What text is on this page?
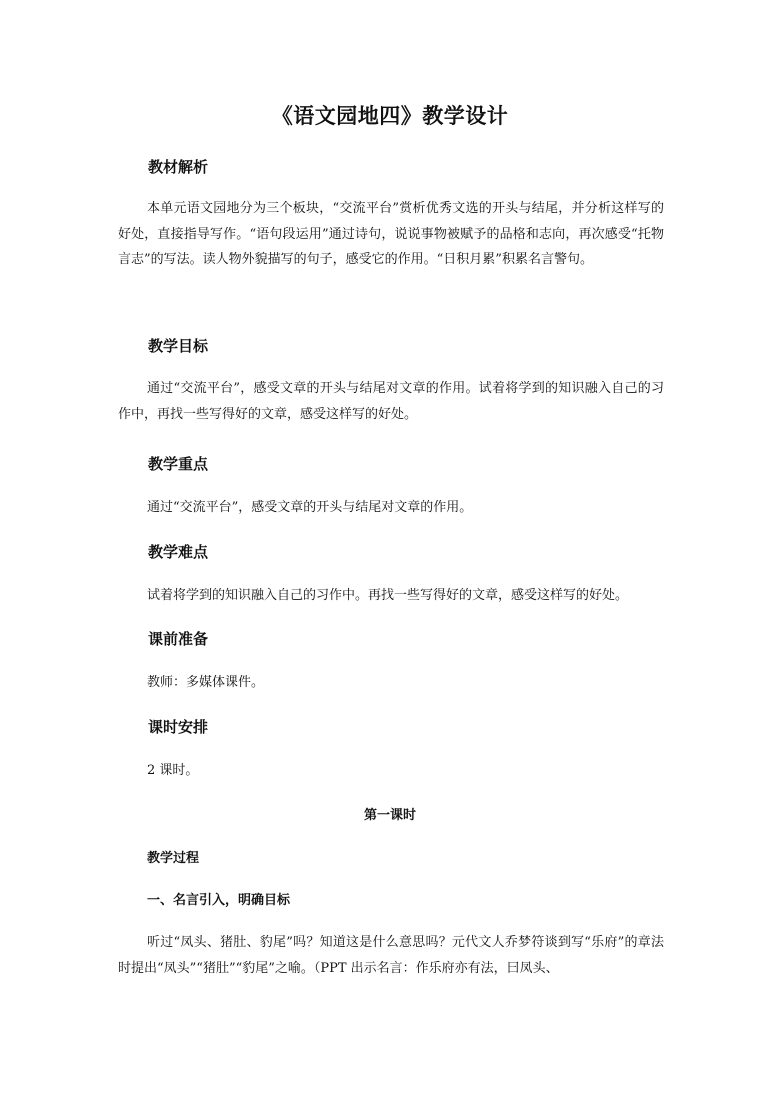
《语文园地四》教学设计
教材解析

本单元语文园地分为三个板块，“交流平台”赏析优秀文选的开头与结尾，并分析这样写的好处，直接指导写作。“语句段运用”通过诗句，说说事物被赋予的品格和志向，再次感受“托物言志”的写法。读人物外貌描写的句子，感受它的作用。“日积月累”积累名言警句。

教学目标

通过“交流平台”，感受文章的开头与结尾对文章的作用。试着将学到的知识融入自己的习作中，再找一些写得好的文章，感受这样写的好处。

教学重点
通过“交流平台”，感受文章的开头与结尾对文章的作用。
教学难点
试着将学到的知识融入自己的习作中。再找一些写得好的文章，感受这样写的好处。
课前准备
教师：多媒体课件。
课时安排
2 课时。
第一课时
教学过程
一、名言引入，明确目标

听过“凤头、猪肚、豹尾”吗？知道这是什么意思吗？元代文人乔梦符谈到写“乐府”的章法时提出“凤头”“猪肚”“豹尾”之喻。（PPT 出示名言：作乐府亦有法，曰凤头、
